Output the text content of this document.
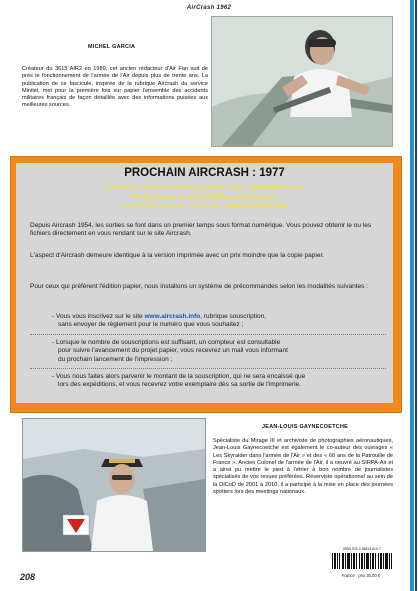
AirCrash 1962
MICHEL GARCIA
Créateur du 3615 AIR2 en 1989, cet ancien rédacteur d'Air Fan suit de près le fonctionnement de l'armée de l'Air depuis plus de trente ans. La publication de ce fascicule, inspirée de la rubrique Aircrash du service Minitel, met pour la première fois sur papier l'ensemble des accidents militaires français de façon détaillée avec des informations puisées aux meilleures sources.
PROCHAIN AIRCRASH : 1977
Sortie de la version numérique (fichier PDF) : Novembre 2023
Version papier à partir de 250 précommandes.
Inscriptions ouvertes sur le site : www.aircrash.info
Depuis Aircrash 1954, les sorties se font dans un premier temps sous format numérique. Vous pouvez obtenir le ou les fichiers directement en vous rendant sur le site Aircrash.
L'aspect d'Aircrash demeure identique à la version imprimée avec un prix moindre que la copie papier.
Pour ceux qui préfèrent l'édition papier, nous installons un système de précommandes selon les modalités suivantes :
- Vous vous inscrivez sur le site www.aircrash.info, rubrique souscription,
sans envoyer de règlement pour le numéro que vous souhaitez ;
- Lorsque le nombre de souscriptions est suffisant, un compteur est consultable
pour suivre l'avancement du projet papier, vous recevrez un mail vous informant
du prochain lancement de l'impression ;
- Vous nous faites alors parvenir le montant de la souscription, qui ne sera encaissé que
lors des expéditions, et vous recevrez votre exemplaire dès sa sortie de l'imprimerie.
JEAN-LOUIS GAYNECOETCHE
Spécialiste du Mirage III et archiviste de photographies aéronautiques, Jean-Louis Gaynecoetche est également le co-auteur des ouvrages « Les Skyraider dans l'armée de l'Air » et des « 60 ans de la Patrouille de France ». Ancien Colonel de l'armée de l'Air, il a oeuvré au SIRPA-Air et a ainsi pu mettre le pied à l'étrier à bon nombre de journalistes spécialisés de vos revues préférées. Réserviste opérationnel au sein de la DICoD de 2001 à 2010, il a participé à la mise en place des journées spotters lors des meetings nationaux.
ISBN 978-2-9661316-5-7
France : prix 35,00 €
208
